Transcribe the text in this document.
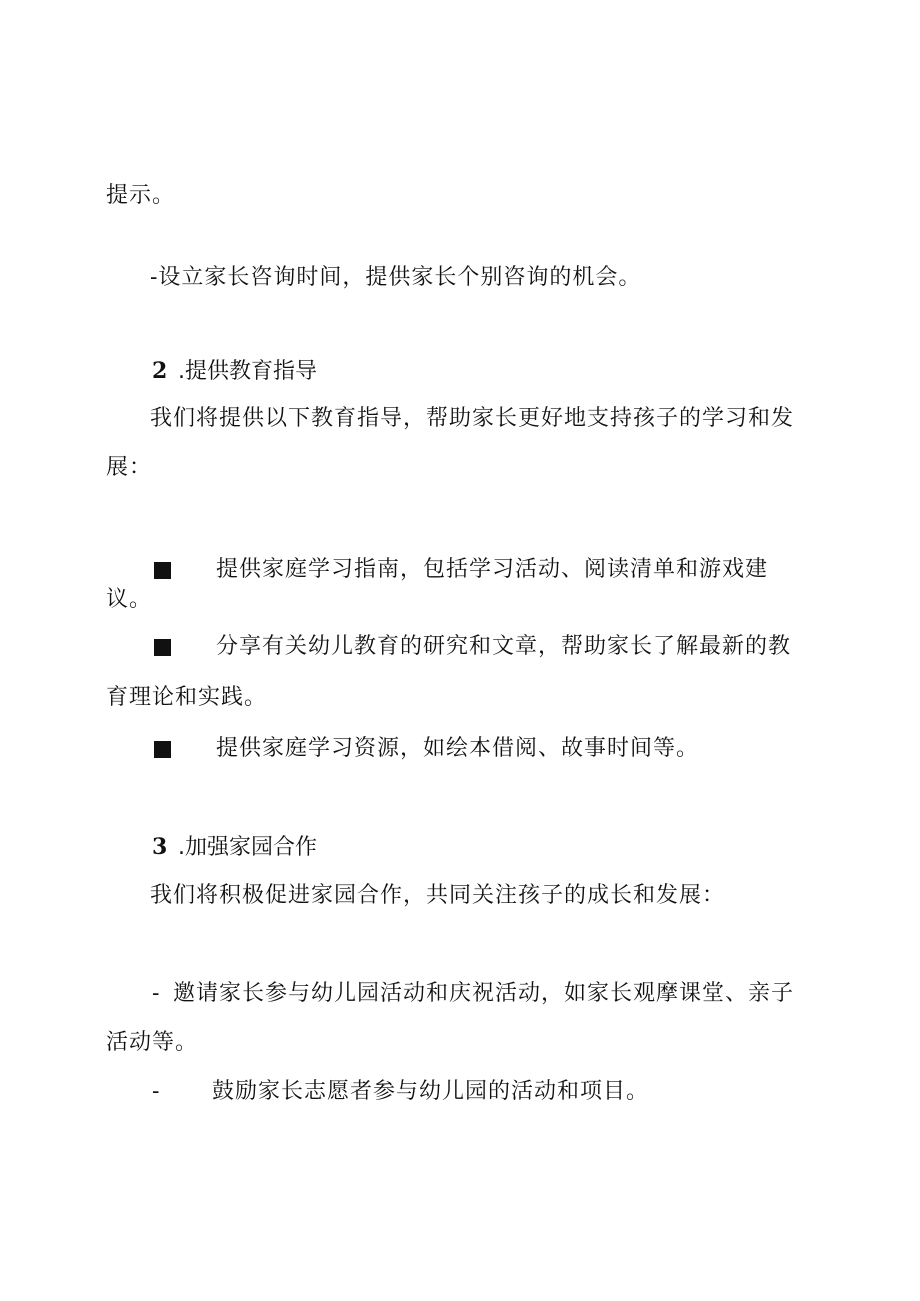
提示。
-设立家长咨询时间，提供家长个别咨询的机会。
2 .提供教育指导
我们将提供以下教育指导，帮助家长更好地支持孩子的学习和发
展：
提供家庭学习指南，包括学习活动、阅读清单和游戏建
议。
分享有关幼儿教育的研究和文章，帮助家长了解最新的教
育理论和实践。
提供家庭学习资源，如绘本借阅、故事时间等。
3 .加强家园合作
我们将积极促进家园合作，共同关注孩子的成长和发展：
- 邀请家长参与幼儿园活动和庆祝活动，如家长观摩课堂、亲子
活动等。
- 鼓励家长志愿者参与幼儿园的活动和项目。
